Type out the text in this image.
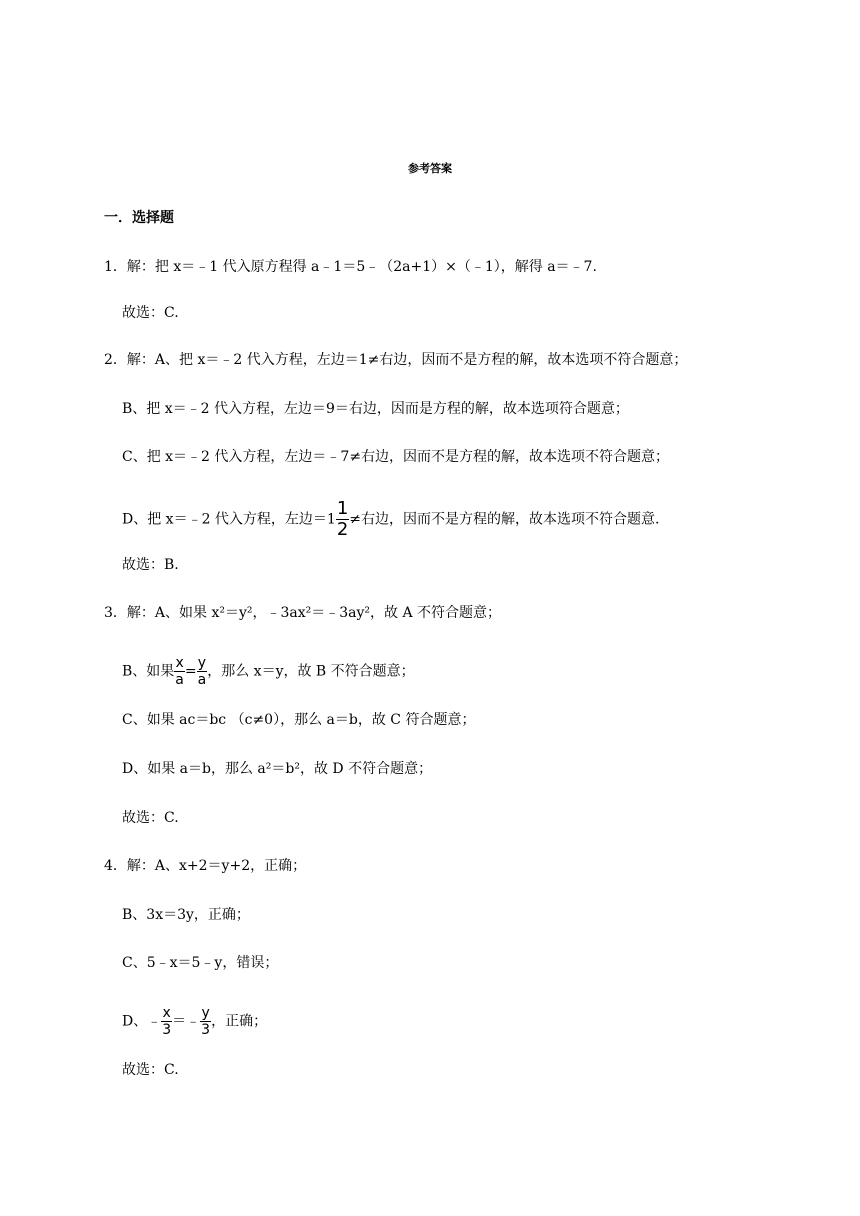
参考答案
一．选择题
1．解：把 x＝﹣1 代入原方程得 a﹣1＝5﹣（2a+1）×（﹣1），解得 a＝﹣7.
故选：C.
2．解：A、把 x＝﹣2 代入方程，左边＝1≠右边，因而不是方程的解，故本选项不符合题意；
B、把 x＝﹣2 代入方程，左边＝9＝右边，因而是方程的解，故本选项符合题意；
C、把 x＝﹣2 代入方程，左边＝﹣7≠右边，因而不是方程的解，故本选项不符合题意；
D、把 x＝﹣2 代入方程，左边$=1 \frac{1}{2}$ ≠右边，因而不是方程的解，故本选项不符合题意.
故选：B.
3．解：A、如果 x²＝y²，﹣3ax²＝﹣3ay²，故 A 不符合题意；
B、如果 $\frac{x}{a} = \frac{y}{a}$ ，那么 x＝y，故 B 不符合题意；
C、如果 ac＝bc （c≠0），那么 a＝b，故 C 符合题意；
D、如果 a＝b，那么 a²＝b²，故 D 不符合题意；
故选：C.
4．解：A、x+2＝y+2，正确；
B、3x＝3y，正确；
C、5﹣x＝5﹣y，错误；
D、﹣ $\frac{x}{3}$ ＝﹣ $\frac{y}{3}$ ，正确；
故选：C.
